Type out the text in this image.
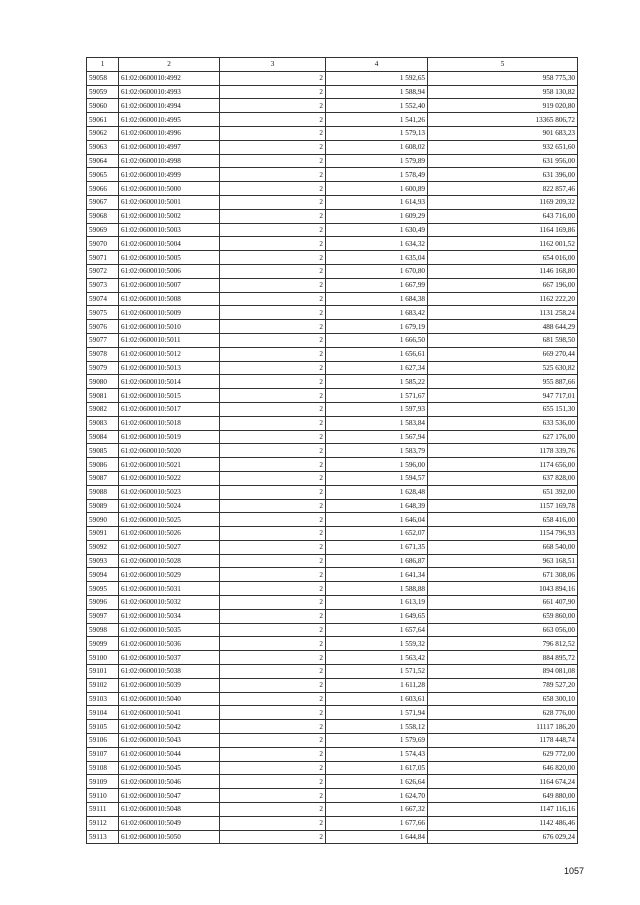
1	2	3	4	5
59058	61:02:0600010:4992	2	1 592,65	958 775,30
59059	61:02:0600010:4993	2	1 588,94	958 130,82
59060	61:02:0600010:4994	2	1 552,40	919 020,80
59061	61:02:0600010:4995	2	1 541,26	13365 806,72
59062	61:02:0600010:4996	2	1 579,13	901 683,23
59063	61:02:0600010:4997	2	1 608,02	932 651,60
59064	61:02:0600010:4998	2	1 579,89	631 956,00
59065	61:02:0600010:4999	2	1 578,49	631 396,00
59066	61:02:0600010:5000	2	1 600,89	822 857,46
59067	61:02:0600010:5001	2	1 614,93	1169 209,32
59068	61:02:0600010:5002	2	1 609,29	643 716,00
59069	61:02:0600010:5003	2	1 630,49	1164 169,86
59070	61:02:0600010:5004	2	1 634,32	1162 001,52
59071	61:02:0600010:5005	2	1 635,04	654 016,00
59072	61:02:0600010:5006	2	1 670,80	1146 168,80
59073	61:02:0600010:5007	2	1 667,99	667 196,00
59074	61:02:0600010:5008	2	1 684,38	1162 222,20
59075	61:02:0600010:5009	2	1 683,42	1131 258,24
59076	61:02:0600010:5010	2	1 679,19	488 644,29
59077	61:02:0600010:5011	2	1 666,50	681 598,50
59078	61:02:0600010:5012	2	1 656,61	669 270,44
59079	61:02:0600010:5013	2	1 627,34	525 630,82
59080	61:02:0600010:5014	2	1 585,22	955 887,66
59081	61:02:0600010:5015	2	1 571,67	947 717,01
59082	61:02:0600010:5017	2	1 597,93	655 151,30
59083	61:02:0600010:5018	2	1 583,84	633 536,00
59084	61:02:0600010:5019	2	1 567,94	627 176,00
59085	61:02:0600010:5020	2	1 583,79	1178 339,76
59086	61:02:0600010:5021	2	1 596,00	1174 656,00
59087	61:02:0600010:5022	2	1 594,57	637 828,00
59088	61:02:0600010:5023	2	1 628,48	651 392,00
59089	61:02:0600010:5024	2	1 648,39	1157 169,78
59090	61:02:0600010:5025	2	1 646,04	658 416,00
59091	61:02:0600010:5026	2	1 652,07	1154 796,93
59092	61:02:0600010:5027	2	1 671,35	668 540,00
59093	61:02:0600010:5028	2	1 686,87	963 168,51
59094	61:02:0600010:5029	2	1 641,34	671 308,06
59095	61:02:0600010:5031	2	1 588,88	1043 894,16
59096	61:02:0600010:5032	2	1 613,19	661 407,90
59097	61:02:0600010:5034	2	1 649,65	659 860,00
59098	61:02:0600010:5035	2	1 657,64	663 056,00
59099	61:02:0600010:5036	2	1 559,32	796 812,52
59100	61:02:0600010:5037	2	1 563,42	884 895,72
59101	61:02:0600010:5038	2	1 571,52	894 081,08
59102	61:02:0600010:5039	2	1 611,28	789 527,20
59103	61:02:0600010:5040	2	1 603,61	658 300,10
59104	61:02:0600010:5041	2	1 571,94	628 776,00
59105	61:02:0600010:5042	2	1 558,12	11117 186,20
59106	61:02:0600010:5043	2	1 579,69	1178 448,74
59107	61:02:0600010:5044	2	1 574,43	629 772,00
59108	61:02:0600010:5045	2	1 617,05	646 820,00
59109	61:02:0600010:5046	2	1 626,64	1164 674,24
59110	61:02:0600010:5047	2	1 624,70	649 880,00
59111	61:02:0600010:5048	2	1 667,32	1147 116,16
59112	61:02:0600010:5049	2	1 677,66	1142 486,46
59113	61:02:0600010:5050	2	1 644,84	676 029,24
1057
